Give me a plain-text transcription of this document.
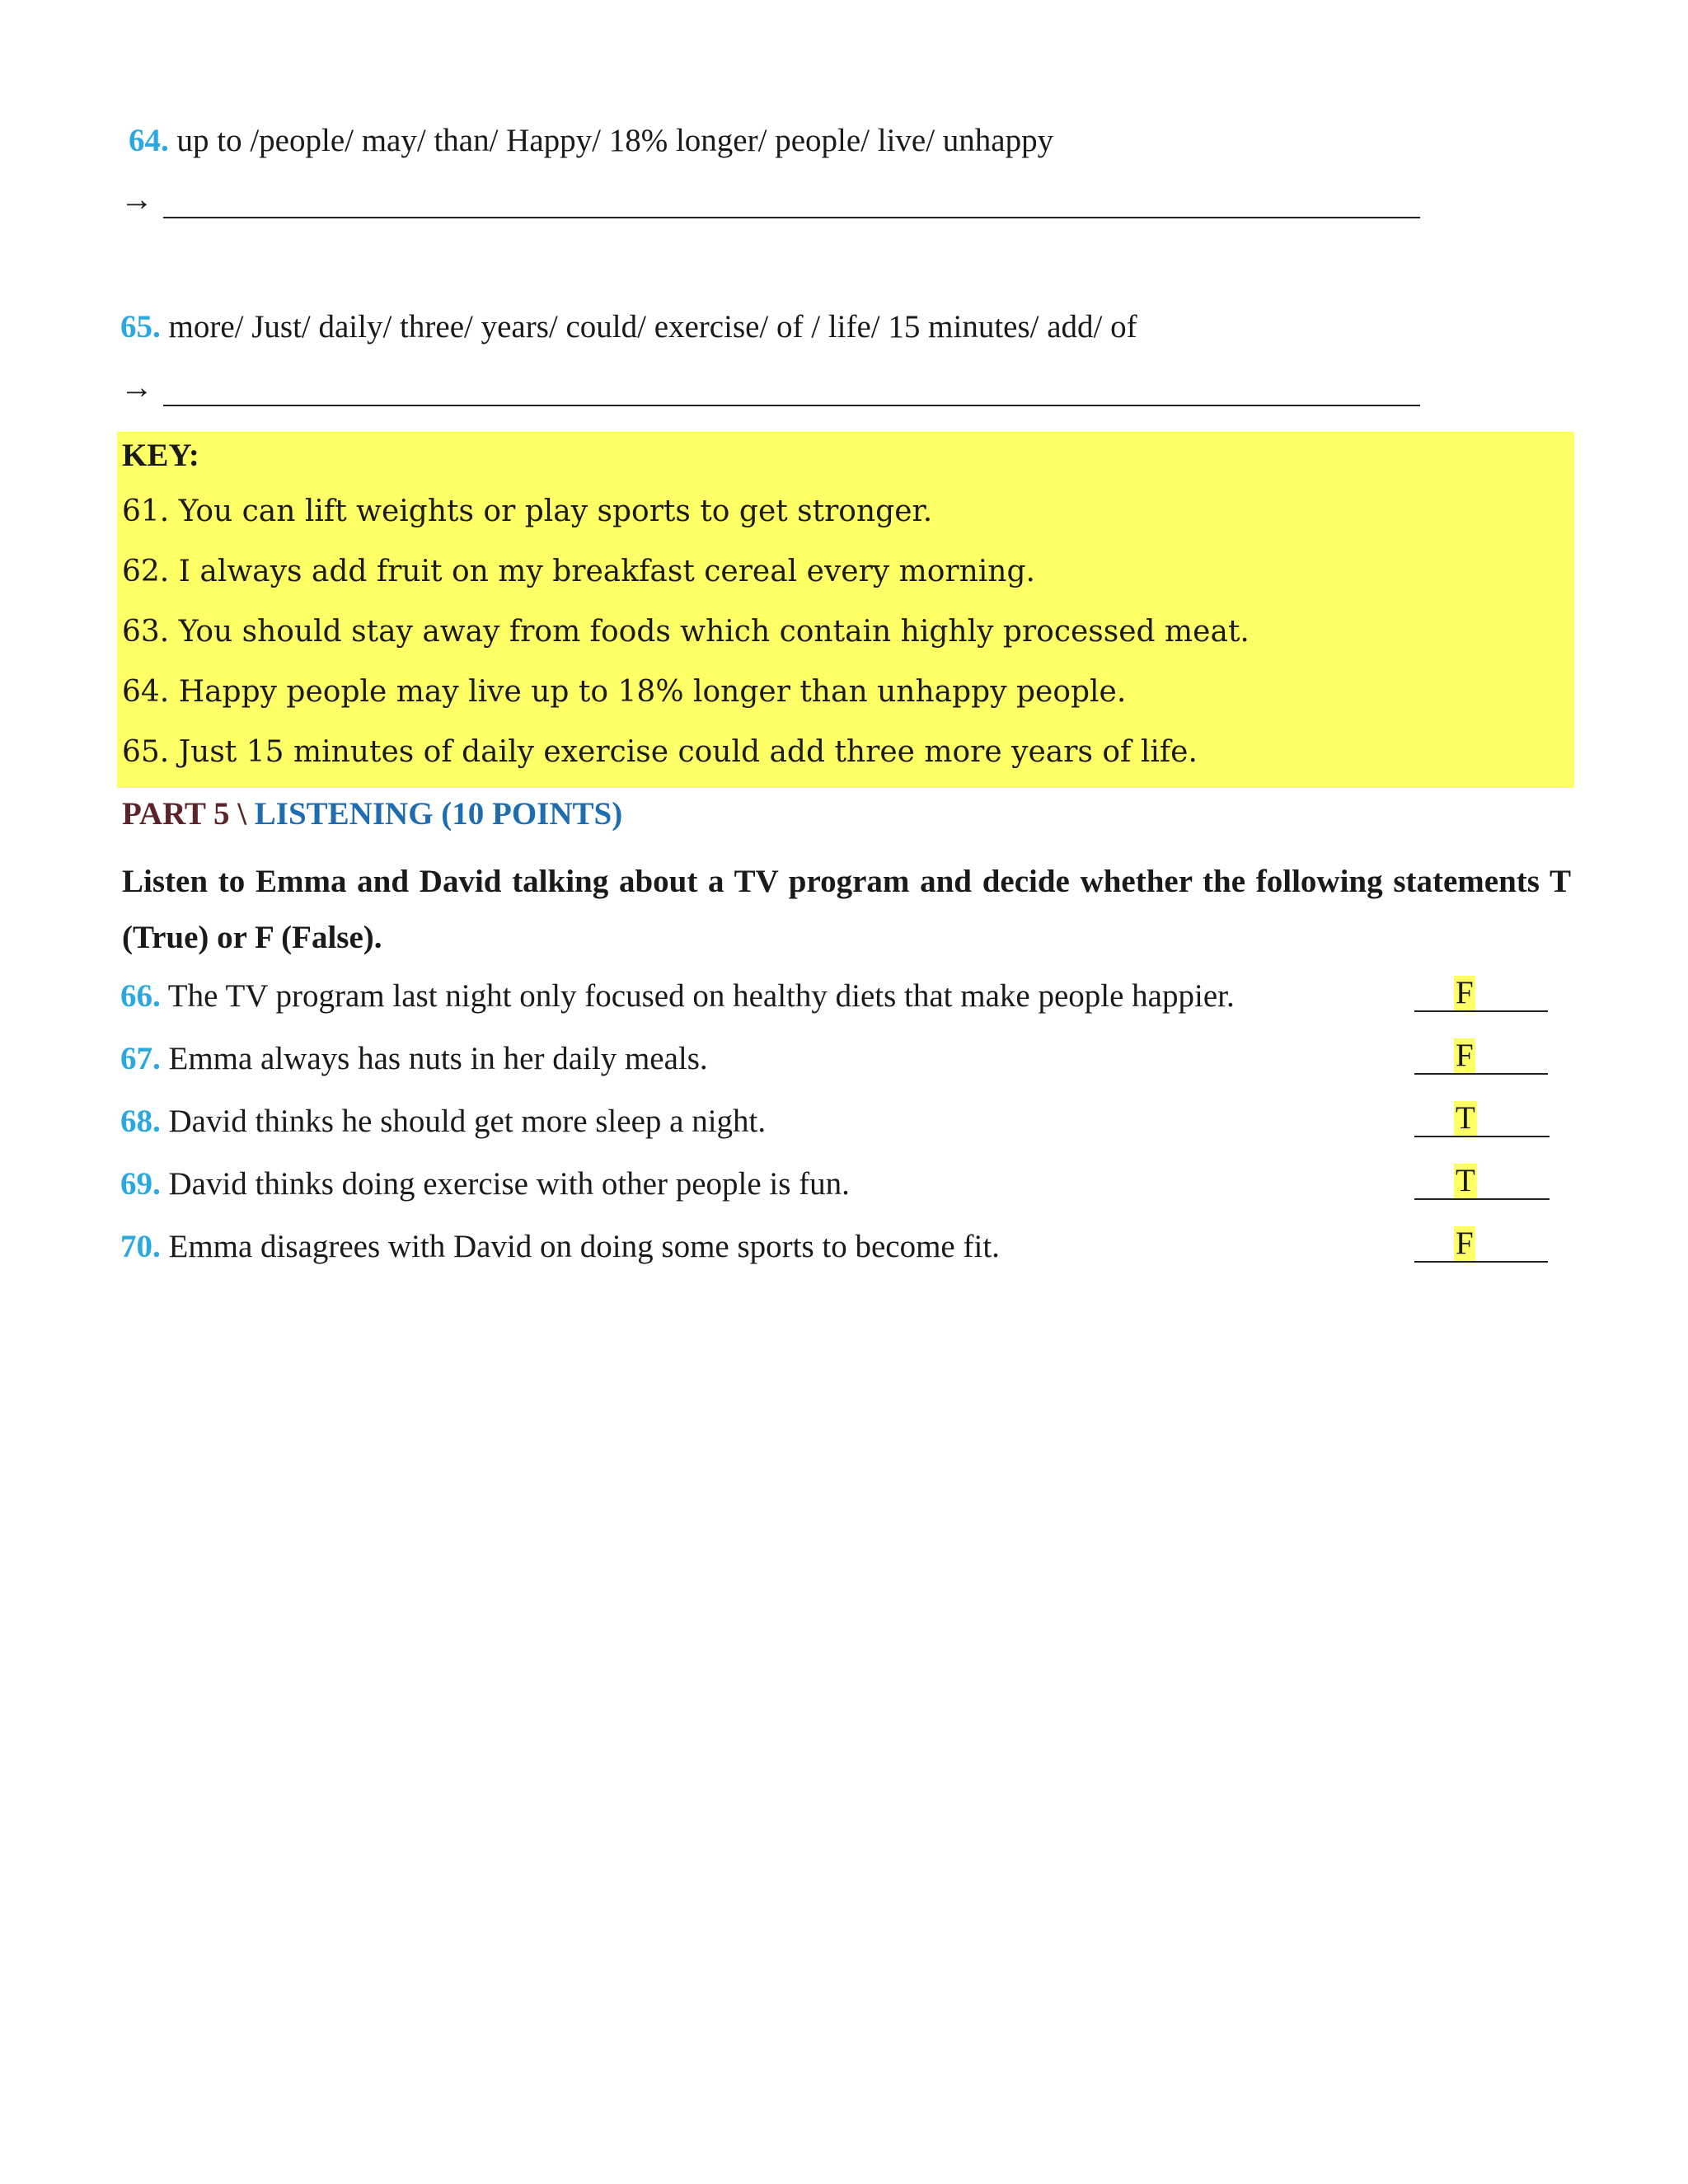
64. up to /people/ may/ than/ Happy/ 18% longer/ people/ live/ unhappy
→
65. more/ Just/ daily/ three/ years/ could/ exercise/ of / life/ 15 minutes/ add/ of
→
KEY:
61. You can lift weights or play sports to get stronger.
62. I always add fruit on my breakfast cereal every morning.
63. You should stay away from foods which contain highly processed meat.
64. Happy people may live up to 18% longer than unhappy people.
65. Just 15 minutes of daily exercise could add three more years of life.
PART 5 \ LISTENING (10 POINTS)
Listen to Emma and David talking about a TV program and decide whether the following statements T (True) or F (False).
66. The TV program last night only focused on healthy diets that make people happier.	F
67. Emma always has nuts in her daily meals.	F
68. David thinks he should get more sleep a night.	T
69. David thinks doing exercise with other people is fun.	T
70. Emma disagrees with David on doing some sports to become fit.	F
